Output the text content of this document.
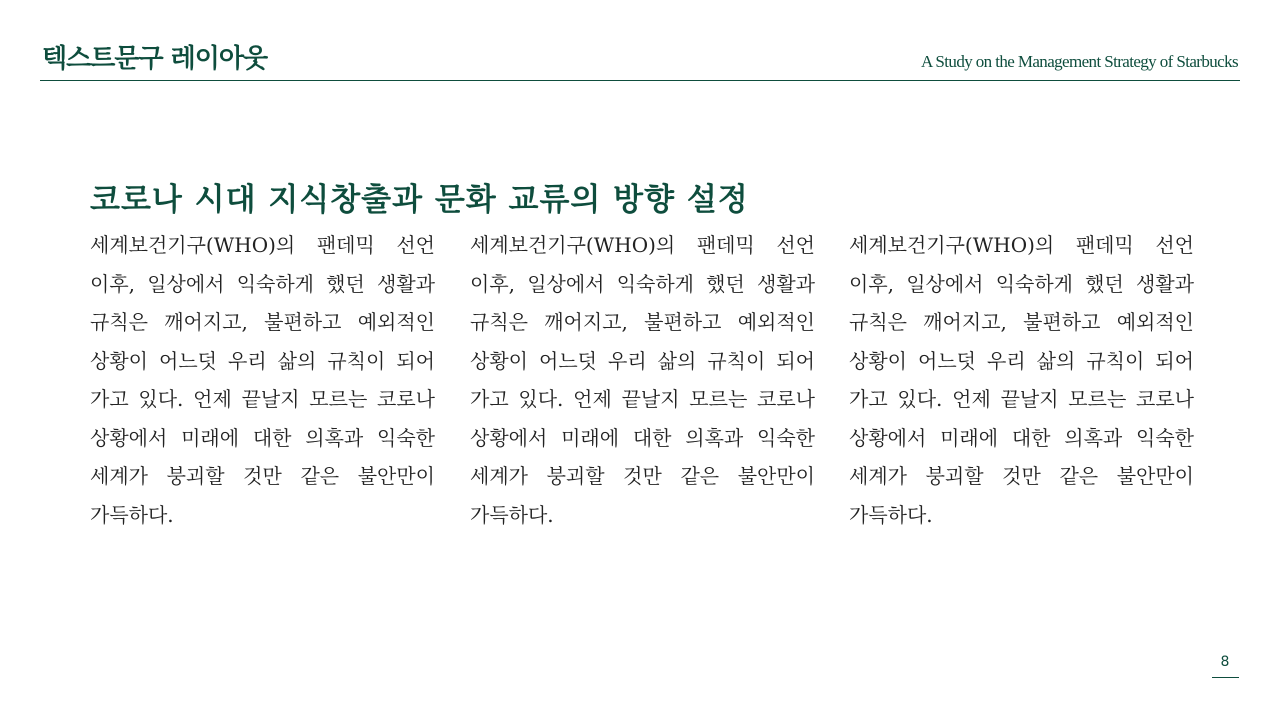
텍스트문구 레이아웃	A Study on the Management Strategy of Starbucks
코로나 시대 지식창출과 문화 교류의 방향 설정
세계보건기구(WHO)의 팬데믹 선언 이후, 일상에서 익숙하게 했던 생활과 규칙은 깨어지고, 불편하고 예외적인 상황이 어느덧 우리 삶의 규칙이 되어 가고 있다. 언제 끝날지 모르는 코로나 상황에서 미래에 대한 의혹과 익숙한 세계가 붕괴할 것만 같은 불안만이 가득하다.
세계보건기구(WHO)의 팬데믹 선언 이후, 일상에서 익숙하게 했던 생활과 규칙은 깨어지고, 불편하고 예외적인 상황이 어느덧 우리 삶의 규칙이 되어 가고 있다. 언제 끝날지 모르는 코로나 상황에서 미래에 대한 의혹과 익숙한 세계가 붕괴할 것만 같은 불안만이 가득하다.
세계보건기구(WHO)의 팬데믹 선언 이후, 일상에서 익숙하게 했던 생활과 규칙은 깨어지고, 불편하고 예외적인 상황이 어느덧 우리 삶의 규칙이 되어 가고 있다. 언제 끝날지 모르는 코로나 상황에서 미래에 대한 의혹과 익숙한 세계가 붕괴할 것만 같은 불안만이 가득하다.
8
